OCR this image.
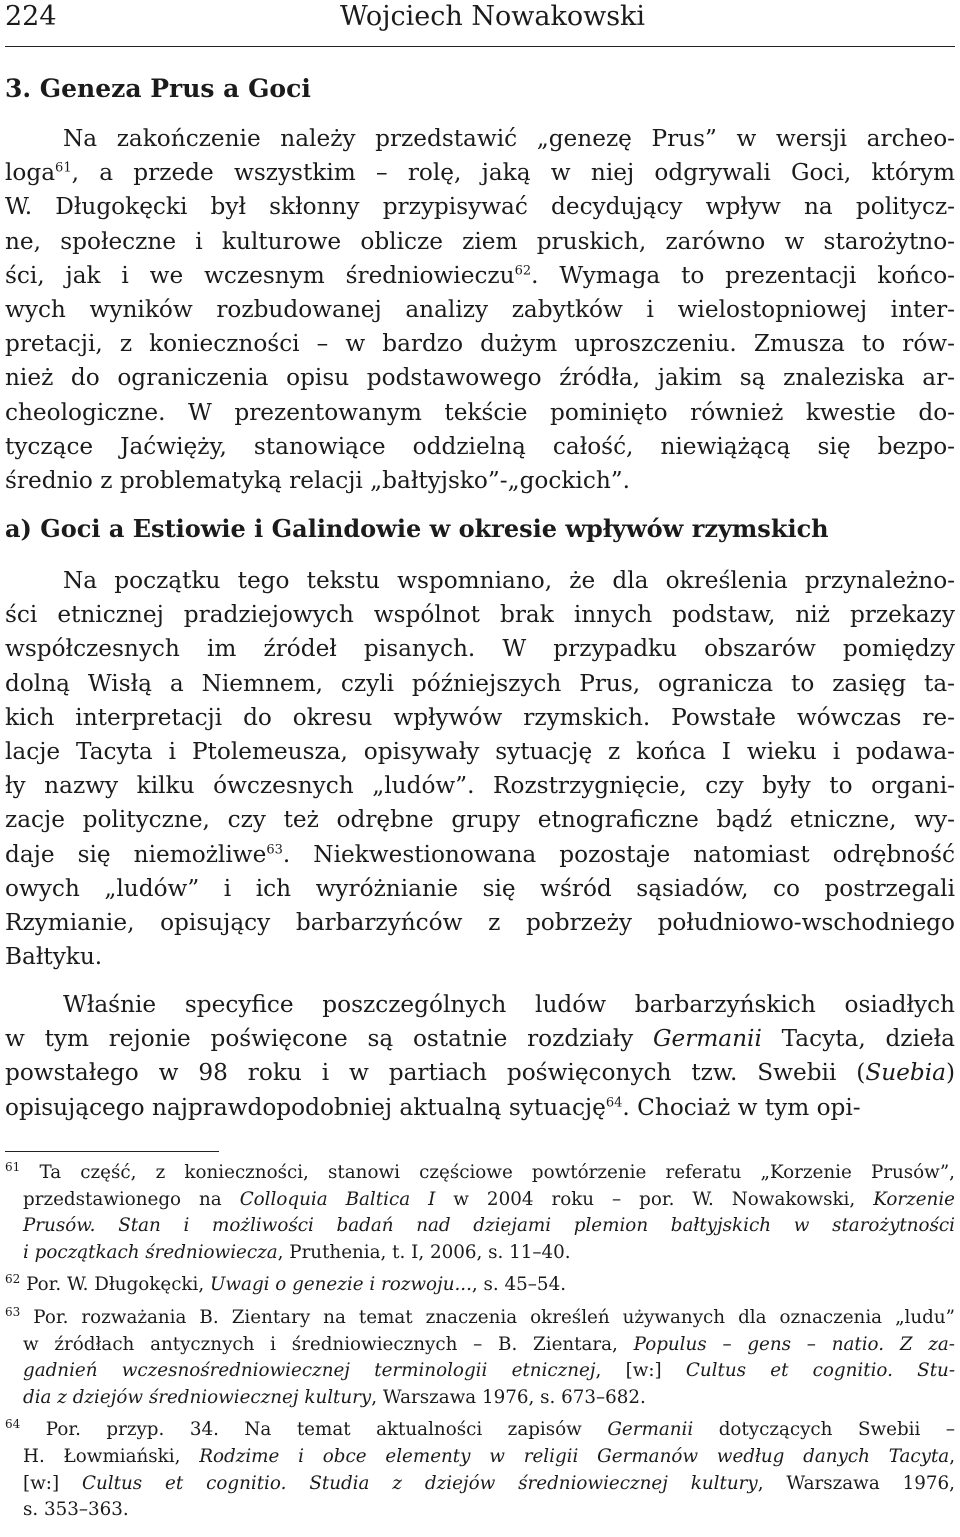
224	Wojciech Nowakowski
3. Geneza Prus a Goci
Na zakończenie należy przedstawić „genezę Prus” w wersji archeo-
loga$^{61}$, a przede wszystkim – rolę, jaką w niej odgrywali Goci, którym
W. Długokęcki był skłonny przypisywać decydujący wpływ na politycz-
ne, społeczne i kulturowe oblicze ziem pruskich, zarówno w starożytno-
ści, jak i we wczesnym średniowieczu$^{62}$. Wymaga to prezentacji końco-
wych wyników rozbudowanej analizy zabytków i wielostopniowej inter-
pretacji, z konieczności – w bardzo dużym uproszczeniu. Zmusza to rów-
nież do ograniczenia opisu podstawowego źródła, jakim są znaleziska ar-
cheologiczne. W prezentowanym tekście pominięto również kwestie do-
tyczące Jaćwięży, stanowiące oddzielną całość, niewiążącą się bezpo-
średnio z problematyką relacji „bałtyjsko”-„gockich”.
a) Goci a Estiowie i Galindowie w okresie wpływów rzymskich
Na początku tego tekstu wspomniano, że dla określenia przynależno-
ści etnicznej pradziejowych wspólnot brak innych podstaw, niż przekazy
współczesnych im źródeł pisanych. W przypadku obszarów pomiędzy
dolną Wisłą a Niemnem, czyli późniejszych Prus, ogranicza to zasięg ta-
kich interpretacji do okresu wpływów rzymskich. Powstałe wówczas re-
lacje Tacyta i Ptolemeusza, opisywały sytuację z końca I wieku i podawa-
ły nazwy kilku ówczesnych „ludów”. Rozstrzygnięcie, czy były to organi-
zacje polityczne, czy też odrębne grupy etnograficzne bądź etniczne, wy-
daje się niemożliwe$^{63}$. Niekwestionowana pozostaje natomiast odrębność
owych „ludów” i ich wyróżnianie się wśród sąsiadów, co postrzegali
Rzymianie, opisujący barbarzyńców z pobrzeży południowo-wschodniego
Bałtyku.
Właśnie specyfice poszczególnych ludów barbarzyńskich osiadłych
w tym rejonie poświęcone są ostatnie rozdziały Germanii Tacyta, dzieła
powstałego w 98 roku i w partiach poświęconych tzw. Swebii (Suebia)
opisującego najprawdopodobniej aktualną sytuację$^{64}$. Chociaż w tym opi-
$^{61}$ Ta część, z konieczności, stanowi częściowe powtórzenie referatu „Korzenie Prusów”,
przedstawionego na Colloquia Baltica I w 2004 roku – por. W. Nowakowski, Korzenie
Prusów. Stan i możliwości badań nad dziejami plemion bałtyjskich w starożytności
i początkach średniowiecza, Pruthenia, t. I, 2006, s. 11–40.
$^{62}$ Por. W. Długokęcki, Uwagi o genezie i rozwoju..., s. 45–54.
$^{63}$ Por. rozważania B. Zientary na temat znaczenia określeń używanych dla oznaczenia „ludu”
w źródłach antycznych i średniowiecznych – B. Zientara, Populus – gens – natio. Z za-
gadnień wczesnośredniowiecznej terminologii etnicznej, [w:] Cultus et cognitio. Stu-
dia z dziejów średniowiecznej kultury, Warszawa 1976, s. 673–682.
$^{64}$ Por. przyp. 34. Na temat aktualności zapisów Germanii dotyczących Swebii –
H. Łowmiański, Rodzime i obce elementy w religii Germanów według danych Tacyta,
[w:] Cultus et cognitio. Studia z dziejów średniowiecznej kultury, Warszawa 1976,
s. 353–363.
